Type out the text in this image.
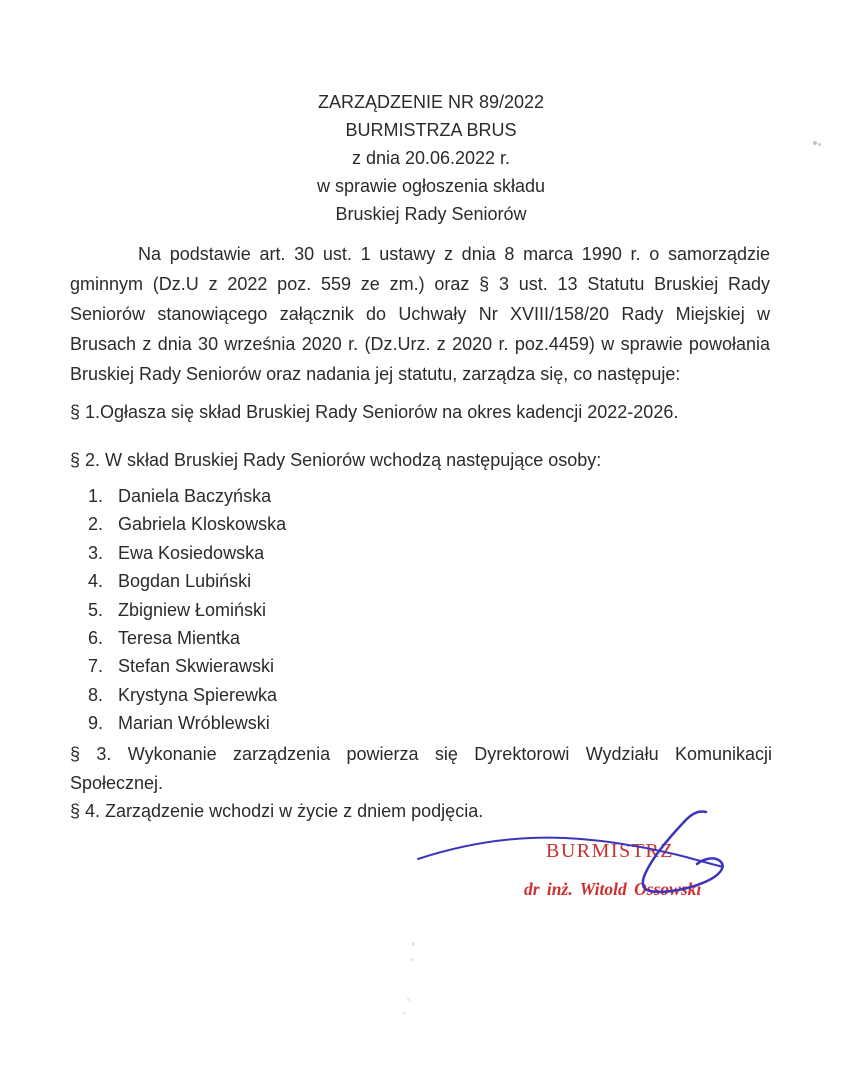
ZARZĄDZENIE NR 89/2022
BURMISTRZA BRUS
z dnia 20.06.2022 r.
w sprawie ogłoszenia składu
Bruskiej Rady Seniorów

Na podstawie art. 30 ust. 1 ustawy z dnia 8 marca 1990 r. o samorządzie gminnym (Dz.U z 2022 poz. 559 ze zm.) oraz § 3 ust. 13 Statutu Bruskiej Rady Seniorów stanowiącego załącznik do Uchwały Nr XVIII/158/20 Rady Miejskiej w Brusach z dnia 30 września 2020 r. (Dz.Urz. z 2020 r. poz.4459) w sprawie powołania Bruskiej Rady Seniorów oraz nadania jej statutu, zarządza się, co następuje:

§ 1.Ogłasza się skład Bruskiej Rady Seniorów na okres kadencji 2022-2026.

§ 2. W skład Bruskiej Rady Seniorów wchodzą następujące osoby:

1. Daniela Baczyńska
2. Gabriela Kloskowska
3. Ewa Kosiedowska
4. Bogdan Lubiński
5. Zbigniew Łomiński
6. Teresa Mientka
7. Stefan Skwierawski
8. Krystyna Spierewka
9. Marian Wróblewski
§ 3. Wykonanie zarządzenia powierza się Dyrektorowi Wydziału Komunikacji Społecznej.
§ 4. Zarządzenie wchodzi w życie z dniem podjęcia.
BURMISTRZ
dr inż. Witold Ossowski
